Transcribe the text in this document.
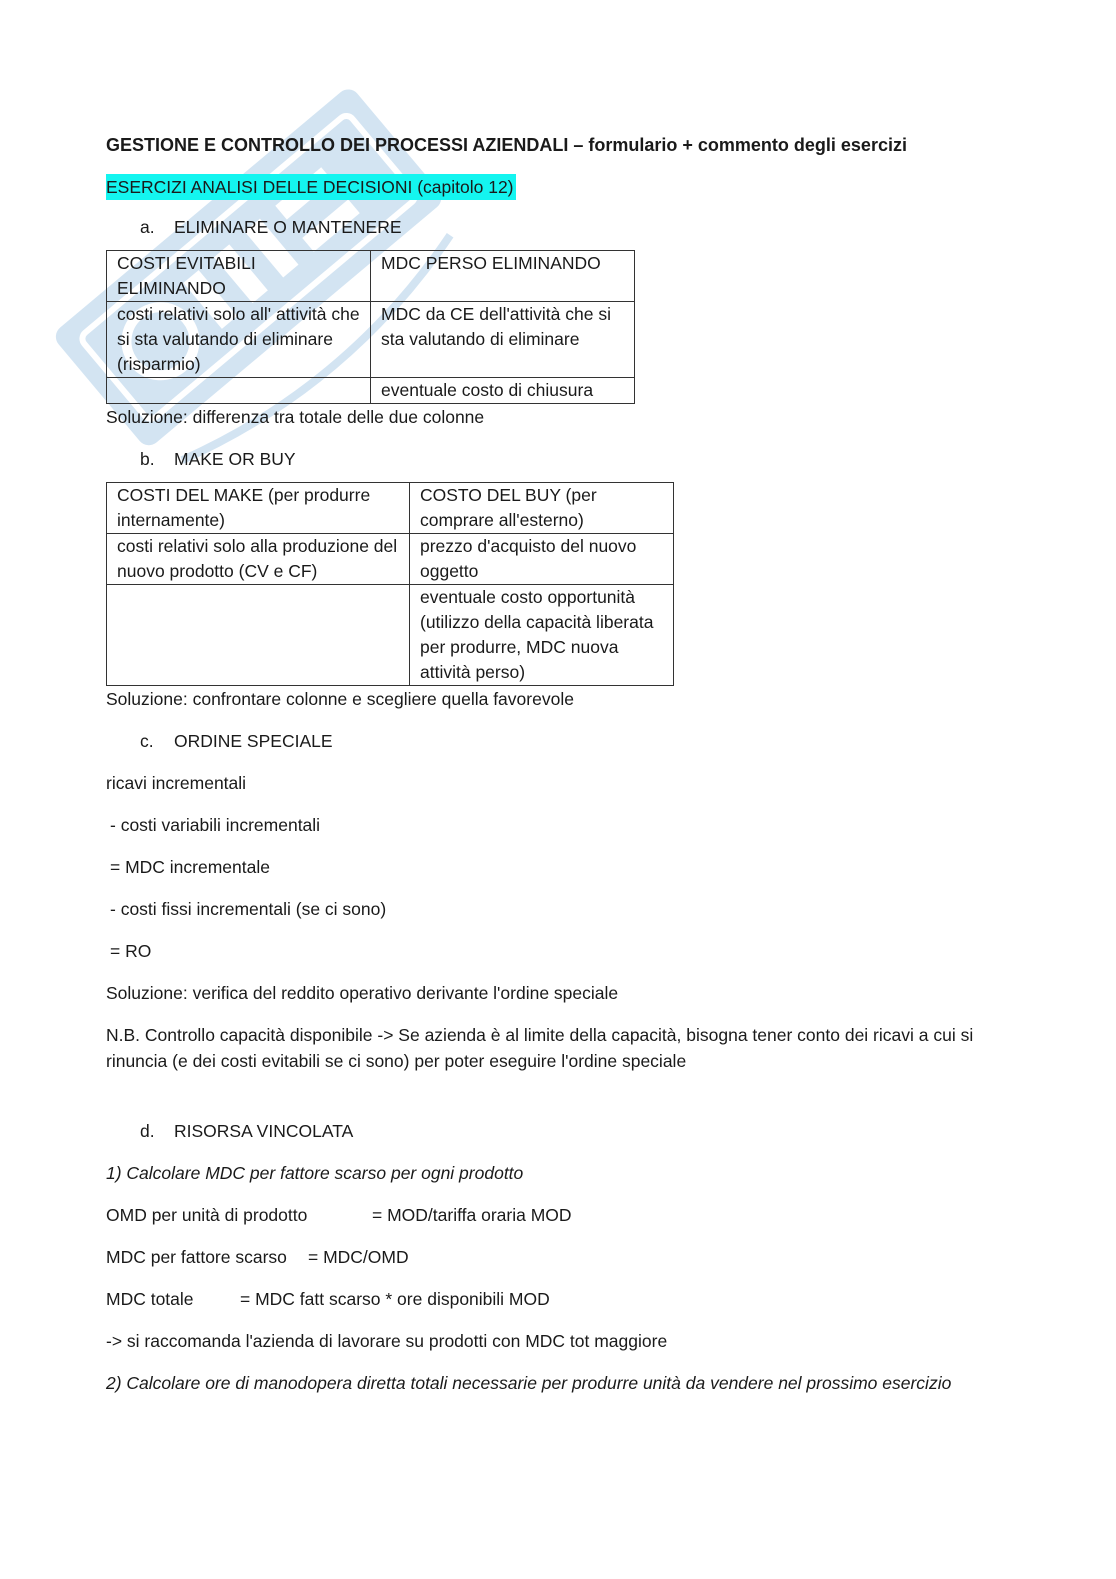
GESTIONE E CONTROLLO DEI PROCESSI AZIENDALI – formulario + commento degli esercizi

ESERCIZI ANALISI DELLE DECISIONI (capitolo 12)

a. ELIMINARE O MANTENERE
COSTI EVITABILI ELIMINANDO	MDC PERSO ELIMINANDO
costi relativi solo all' attività che si sta valutando di eliminare (risparmio)	MDC da CE dell'attività che si sta valutando di eliminare
	eventuale costo di chiusura

Soluzione: differenza tra totale delle due colonne

b. MAKE OR BUY
COSTI DEL MAKE (per produrre internamente)	COSTO DEL BUY (per comprare all'esterno)
costi relativi solo alla produzione del nuovo prodotto (CV e CF)	prezzo d'acquisto del nuovo oggetto
	eventuale costo opportunità (utilizzo della capacità liberata per produrre, MDC nuova attività perso)

Soluzione: confrontare colonne e scegliere quella favorevole

c. ORDINE SPECIALE

ricavi incrementali

- costi variabili incrementali

= MDC incrementale

- costi fissi incrementali (se ci sono)

= RO

Soluzione: verifica del reddito operativo derivante l'ordine speciale

N.B. Controllo capacità disponibile -> Se azienda è al limite della capacità, bisogna tener conto dei ricavi a cui si rinuncia (e dei costi evitabili se ci sono) per poter eseguire l'ordine speciale

d. RISORSA VINCOLATA

1) Calcolare MDC per fattore scarso per ogni prodotto

OMD per unità di prodotto	= MOD/tariffa oraria MOD

MDC per fattore scarso = MDC/OMD

MDC totale	= MDC fatt scarso * ore disponibili MOD

-> si raccomanda l'azienda di lavorare su prodotti con MDC tot maggiore

2) Calcolare ore di manodopera diretta totali necessarie per produrre unità da vendere nel prossimo esercizio
